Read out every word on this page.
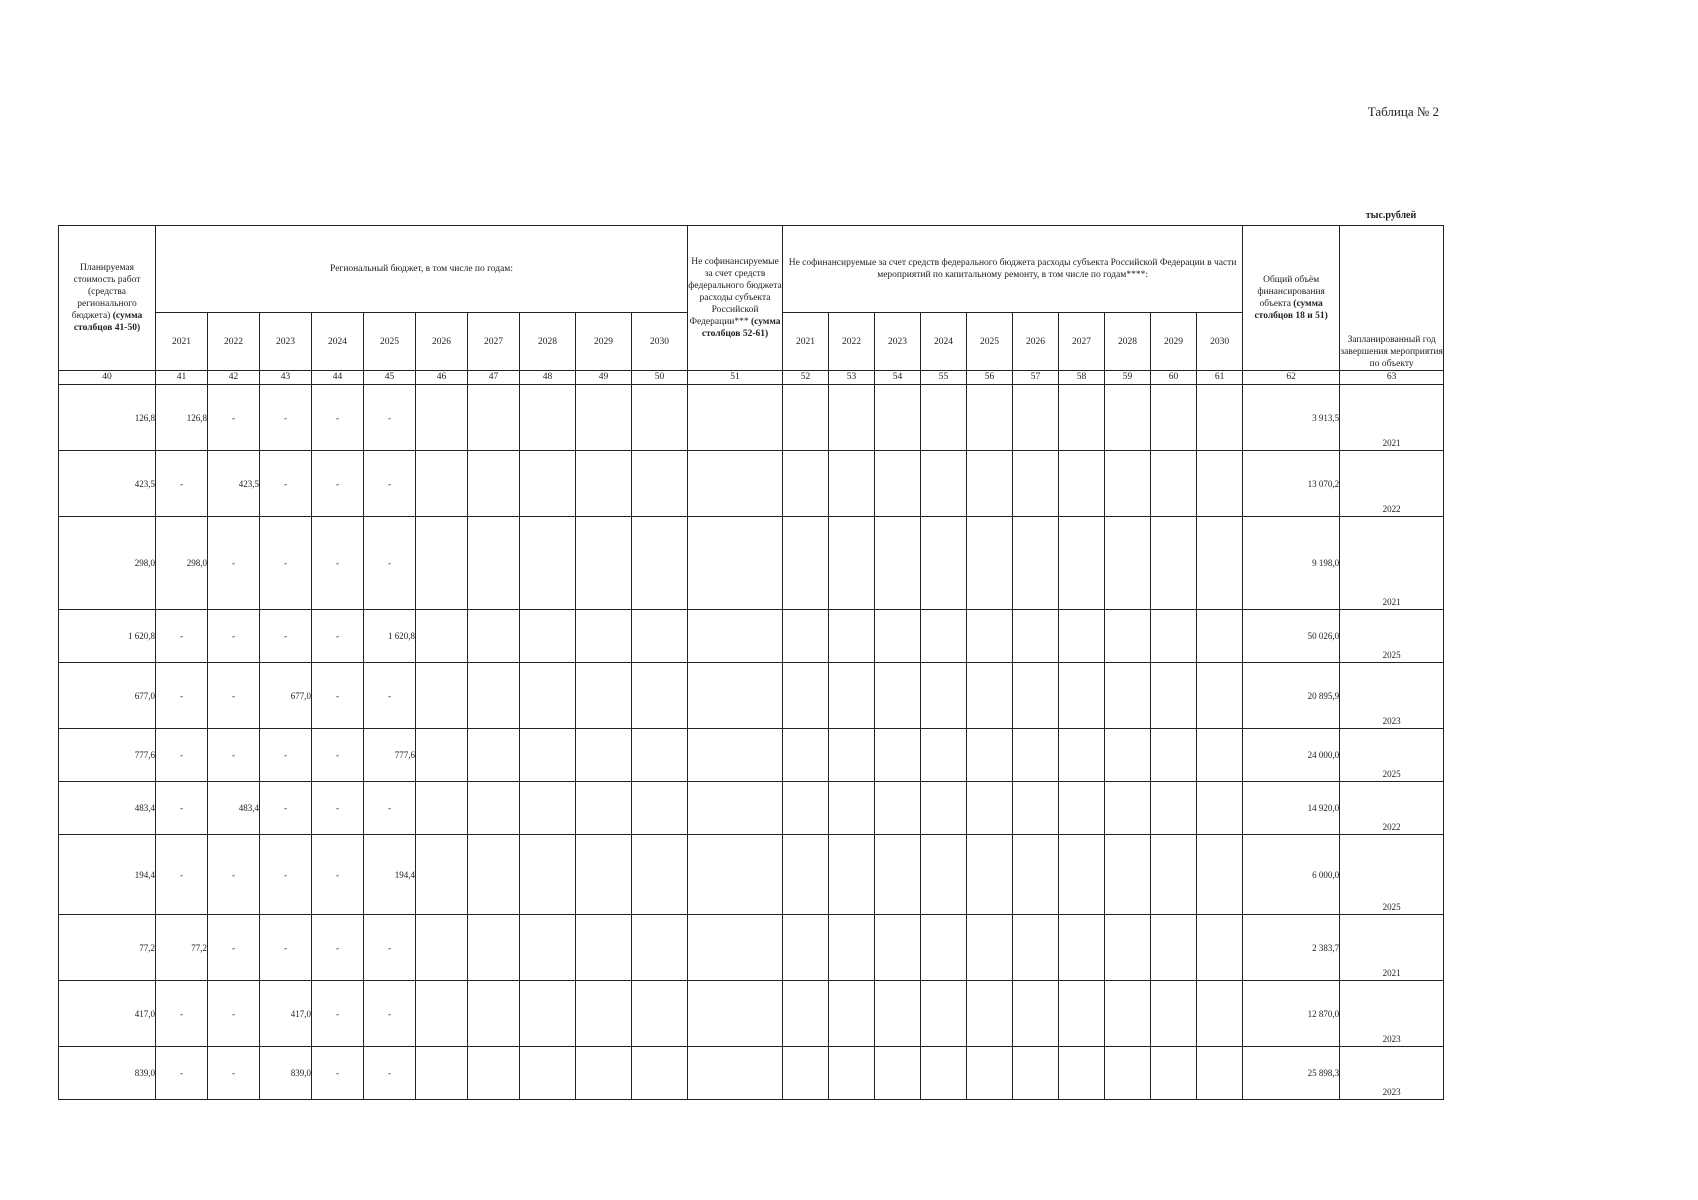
Таблица № 2
тыс.рублей
Планируемая стоимость работ (средства регионального бюджета) (сумма столбцов 41-50)	Региональный бюджет, в том числе по годам:										Не софинансируемые за счет средств федерального бюджета расходы субъекта Российской Федерации*** (сумма столбцов 52-61)	Не софинансируемые за счет средств федерального бюджета расходы субъекта Российской Федерации в части мероприятий по капитальному ремонту, в том числе по годам****:										Общий объём финансирования объекта (сумма столбцов 18 и 51)	Запланированный год завершения мероприятия по объекту
	2021	2022	2023	2024	2025	2026	2027	2028	2029	2030		2021	2022	2023	2024	2025	2026	2027	2028	2029	2030		
40	41	42	43	44	45	46	47	48	49	50	51	52	53	54	55	56	57	58	59	60	61	62	63
126,8	126,8	-	-	-	-																	3 913,5	2021
423,5	-	423,5	-	-	-																	13 070,2	2022
298,0	298,0	-	-	-	-																	9 198,0	2021
1 620,8	-	-	-	-	1 620,8																	50 026,0	2025
677,0	-	-	677,0	-	-																	20 895,9	2023
777,6	-	-	-	-	777,6																	24 000,0	2025
483,4	-	483,4	-	-	-																	14 920,0	2022
194,4	-	-	-	-	194,4																	6 000,0	2025
77,2	77,2	-	-	-	-																	2 383,7	2021
417,0	-	-	417,0	-	-																	12 870,0	2023
839,0	-	-	839,0	-	-																	25 898,3	2023
